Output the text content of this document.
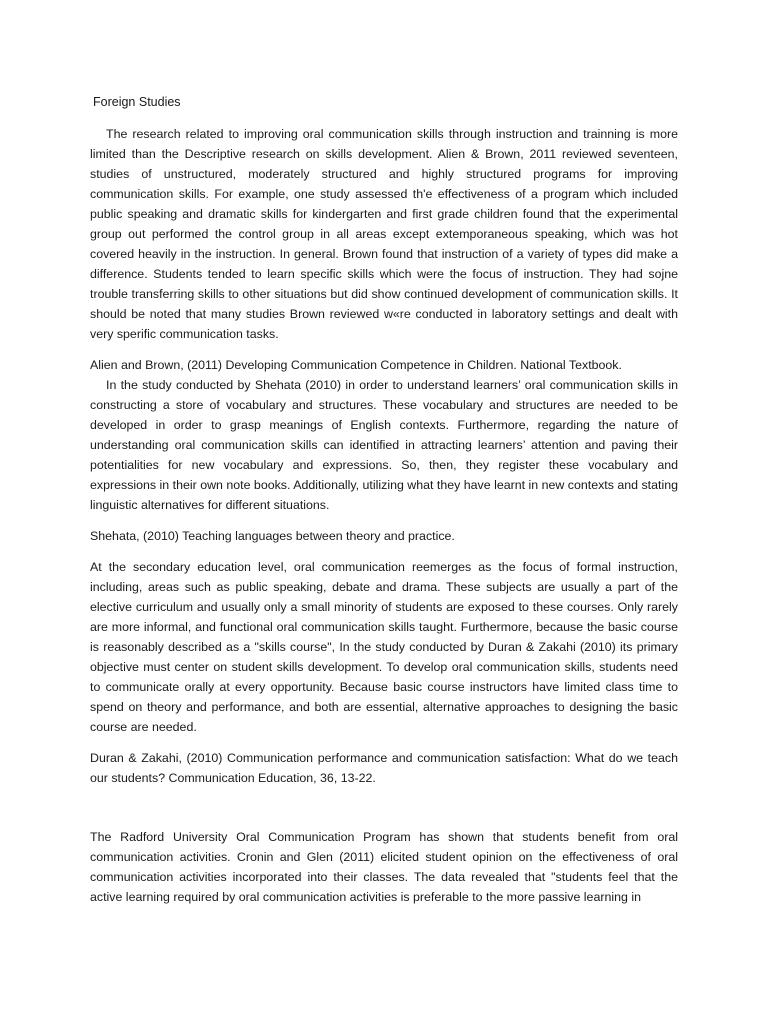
Foreign Studies

The research related to improving oral communication skills through instruction and trainning is more limited than the Descriptive research on skills development. Alien & Brown, 2011 reviewed seventeen, studies of unstructured, moderately structured and highly structured programs for improving communication skills. For example, one study assessed th'e effectiveness of a program which included public speaking and dramatic skills for kindergarten and first grade children found that the experimental group out performed the control group in all areas except extemporaneous speaking, which was hot covered heavily in the instruction. In general. Brown found that instruction of a variety of types did make a difference. Students tended to learn specific skills which were the focus of instruction. They had sojne trouble transferring skills to other situations but did show continued development of communication skills. It should be noted that many studies Brown reviewed w«re conducted in laboratory settings and dealt with very sperific communication tasks.

Alien and Brown, (2011) Developing Communication Competence in Children. National Textbook.
In the study conducted by Shehata (2010) in order to understand learners’ oral communication skills in constructing a store of vocabulary and structures. These vocabulary and structures are needed to be developed in order to grasp meanings of English contexts. Furthermore, regarding the nature of understanding oral communication skills can identified in attracting learners’ attention and paving their potentialities for new vocabulary and expressions. So, then, they register these vocabulary and expressions in their own note books. Additionally, utilizing what they have learnt in new contexts and stating linguistic alternatives for different situations.

Shehata, (2010) Teaching languages between theory and practice.

At the secondary education level, oral communication reemerges as the focus of formal instruction, including, areas such as public speaking, debate and drama. These subjects are usually a part of the elective curriculum and usually only a small minority of students are exposed to these courses. Only rarely are more informal, and functional oral communication skills taught. Furthermore, because the basic course is reasonably described as a "skills course", In the study conducted by Duran & Zakahi (2010) its primary objective must center on student skills development. To develop oral communication skills, students need to communicate orally at every opportunity. Because basic course instructors have limited class time to spend on theory and performance, and both are essential, alternative approaches to designing the basic course are needed.

Duran & Zakahi, (2010) Communication performance and communication satisfaction: What do we teach our students? Communication Education, 36, 13-22.

The Radford University Oral Communication Program has shown that students benefit from oral communication activities. Cronin and Glen (2011) elicited student opinion on the effectiveness of oral communication activities incorporated into their classes. The data revealed that "students feel that the active learning required by oral communication activities is preferable to the more passive learning in
